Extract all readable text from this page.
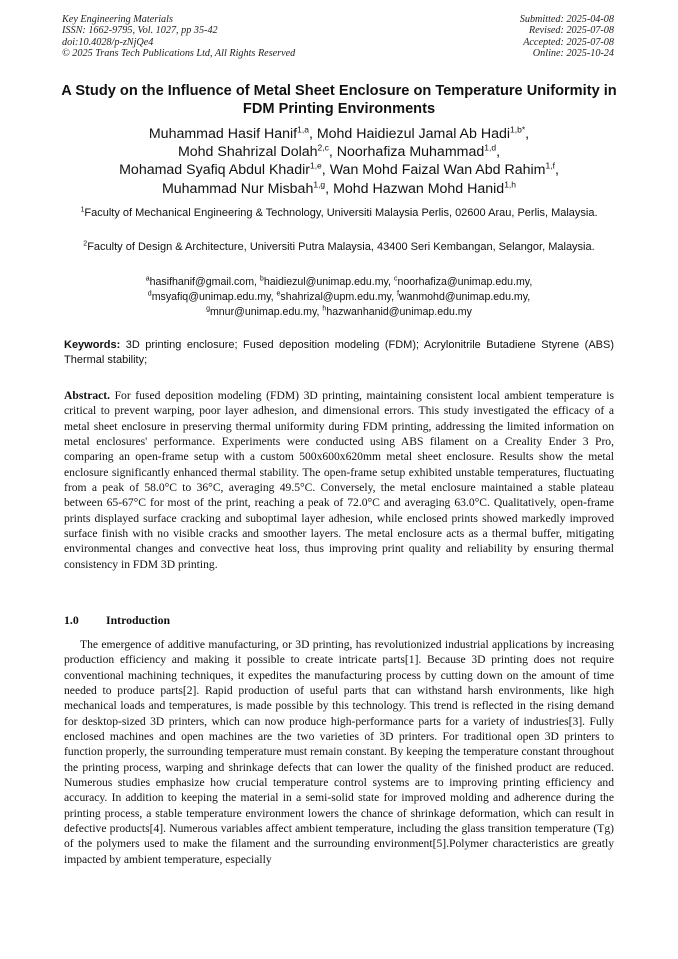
Key Engineering Materials
ISSN: 1662-9795, Vol. 1027, pp 35-42
doi:10.4028/p-zNjQe4
© 2025 Trans Tech Publications Ltd, All Rights Reserved
Submitted: 2025-04-08
Revised: 2025-07-08
Accepted: 2025-07-08
Online: 2025-10-24
A Study on the Influence of Metal Sheet Enclosure on Temperature Uniformity in FDM Printing Environments
Muhammad Hasif Hanif$^{1,a}$, Mohd Haidiezul Jamal Ab Hadi$^{1,b*}$,
Mohd Shahrizal Dolah$^{2,c}$, Noorhafiza Muhammad$^{1,d}$,
Mohamad Syafiq Abdul Khadir$^{1,e}$, Wan Mohd Faizal Wan Abd Rahim$^{1,f}$,
Muhammad Nur Misbah$^{1,g}$, Mohd Hazwan Mohd Hanid$^{1,h}$
$^1$Faculty of Mechanical Engineering & Technology, Universiti Malaysia Perlis, 02600 Arau, Perlis, Malaysia.
$^2$Faculty of Design & Architecture, Universiti Putra Malaysia, 43400 Seri Kembangan, Selangor, Malaysia.
$^a$hasifhanif@gmail.com, $^b$haidiezul@unimap.edu.my, $^c$noorhafiza@unimap.edu.my,
$^d$msyafiq@unimap.edu.my, $^e$shahrizal@upm.edu.my, $^f$wanmohd@unimap.edu.my,
$^g$mnur@unimap.edu.my, $^h$hazwanhanid@unimap.edu.my
Keywords: 3D printing enclosure; Fused deposition modeling (FDM); Acrylonitrile Butadiene Styrene (ABS) Thermal stability;
Abstract. For fused deposition modeling (FDM) 3D printing, maintaining consistent local ambient temperature is critical to prevent warping, poor layer adhesion, and dimensional errors. This study investigated the efficacy of a metal sheet enclosure in preserving thermal uniformity during FDM printing, addressing the limited information on metal enclosures' performance. Experiments were conducted using ABS filament on a Creality Ender 3 Pro, comparing an open-frame setup with a custom 500x600x620mm metal sheet enclosure. Results show the metal enclosure significantly enhanced thermal stability. The open-frame setup exhibited unstable temperatures, fluctuating from a peak of 58.0°C to 36°C, averaging 49.5°C. Conversely, the metal enclosure maintained a stable plateau between 65-67°C for most of the print, reaching a peak of 72.0°C and averaging 63.0°C. Qualitatively, open-frame prints displayed surface cracking and suboptimal layer adhesion, while enclosed prints showed markedly improved surface finish with no visible cracks and smoother layers. The metal enclosure acts as a thermal buffer, mitigating environmental changes and convective heat loss, thus improving print quality and reliability by ensuring thermal consistency in FDM 3D printing.
1.0 Introduction
The emergence of additive manufacturing, or 3D printing, has revolutionized industrial applications by increasing production efficiency and making it possible to create intricate parts[1]. Because 3D printing does not require conventional machining techniques, it expedites the manufacturing process by cutting down on the amount of time needed to produce parts[2]. Rapid production of useful parts that can withstand harsh environments, like high mechanical loads and temperatures, is made possible by this technology. This trend is reflected in the rising demand for desktop-sized 3D printers, which can now produce high-performance parts for a variety of industries[3]. Fully enclosed machines and open machines are the two varieties of 3D printers. For traditional open 3D printers to function properly, the surrounding temperature must remain constant. By keeping the temperature constant throughout the printing process, warping and shrinkage defects that can lower the quality of the finished product are reduced. Numerous studies emphasize how crucial temperature control systems are to improving printing efficiency and accuracy. In addition to keeping the material in a semi-solid state for improved molding and adherence during the printing process, a stable temperature environment lowers the chance of shrinkage deformation, which can result in defective products[4]. Numerous variables affect ambient temperature, including the glass transition temperature (Tg) of the polymers used to make the filament and the surrounding environment[5].Polymer characteristics are greatly impacted by ambient temperature, especially
